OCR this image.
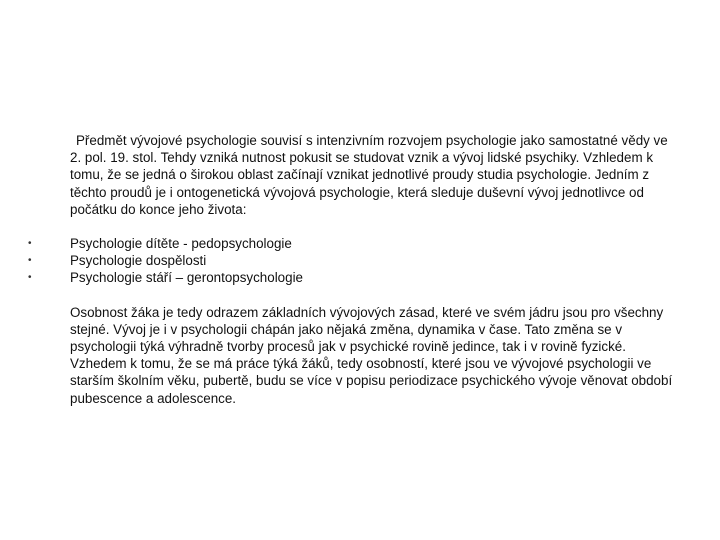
Předmět vývojové psychologie souvisí s intenzivním rozvojem psychologie jako samostatné vědy ve 2. pol. 19. stol. Tehdy vzniká nutnost pokusit se studovat vznik a vývoj lidské psychiky. Vzhledem k tomu, že se jedná o širokou oblast začínají vznikat jednotlivé proudy studia psychologie. Jedním z těchto proudů je i ontogenetická vývojová psychologie, která sleduje duševní vývoj jednotlivce od počátku do konce jeho života:

•	Psychologie dítěte - pedopsychologie
•	Psychologie dospělosti
•	Psychologie stáří – gerontopsychologie

Osobnost žáka je tedy odrazem základních vývojových zásad, které ve svém jádru jsou pro všechny stejné. Vývoj je i v psychologii chápán jako nějaká změna, dynamika v čase. Tato změna se v psychologii týká výhradně tvorby procesů jak v psychické rovině jedince, tak i v rovině fyzické. Vzhedem k tomu, že se má práce týká žáků, tedy osobností, které jsou ve vývojové psychologii ve starším školním věku, pubertě, budu se více v popisu periodizace psychického vývoje věnovat období pubescence a adolescence.
